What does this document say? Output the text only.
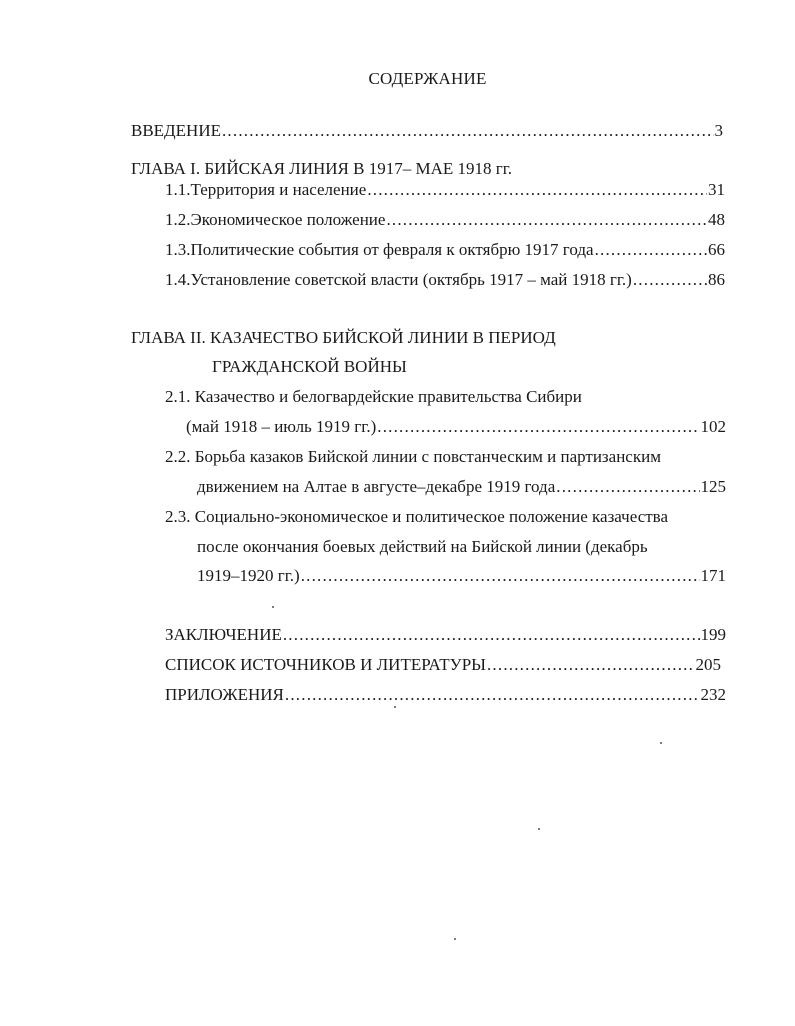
СОДЕРЖАНИЕ
ВВЕДЕНИЕ .....	3
ГЛАВА I. БИЙСКАЯ ЛИНИЯ В 1917– МАЕ 1918 гг.
1.1.Территория и население .....	31
1.2.Экономическое положение .....	48
1.3.Политические события от февраля к октябрю 1917 года .....	66
1.4.Установление советской власти (октябрь 1917 – май 1918 гг.) .....	86
ГЛАВА II. КАЗАЧЕСТВО БИЙСКОЙ ЛИНИИ В ПЕРИОД
ГРАЖДАНСКОЙ ВОЙНЫ
2.1. Казачество и белогвардейские правительства Сибири
(май 1918 – июль 1919 гг.) .....	102
2.2. Борьба казаков Бийской линии с повстанческим и партизанским
движением на Алтае в августе–декабре 1919 года .....	125
2.3. Социально-экономическое и политическое положение казачества
после окончания боевых действий на Бийской линии (декабрь
1919–1920 гг.) .....	171
ЗАКЛЮЧЕНИЕ .....	199
СПИСОК ИСТОЧНИКОВ И ЛИТЕРАТУРЫ .....	205
ПРИЛОЖЕНИЯ .....	232
